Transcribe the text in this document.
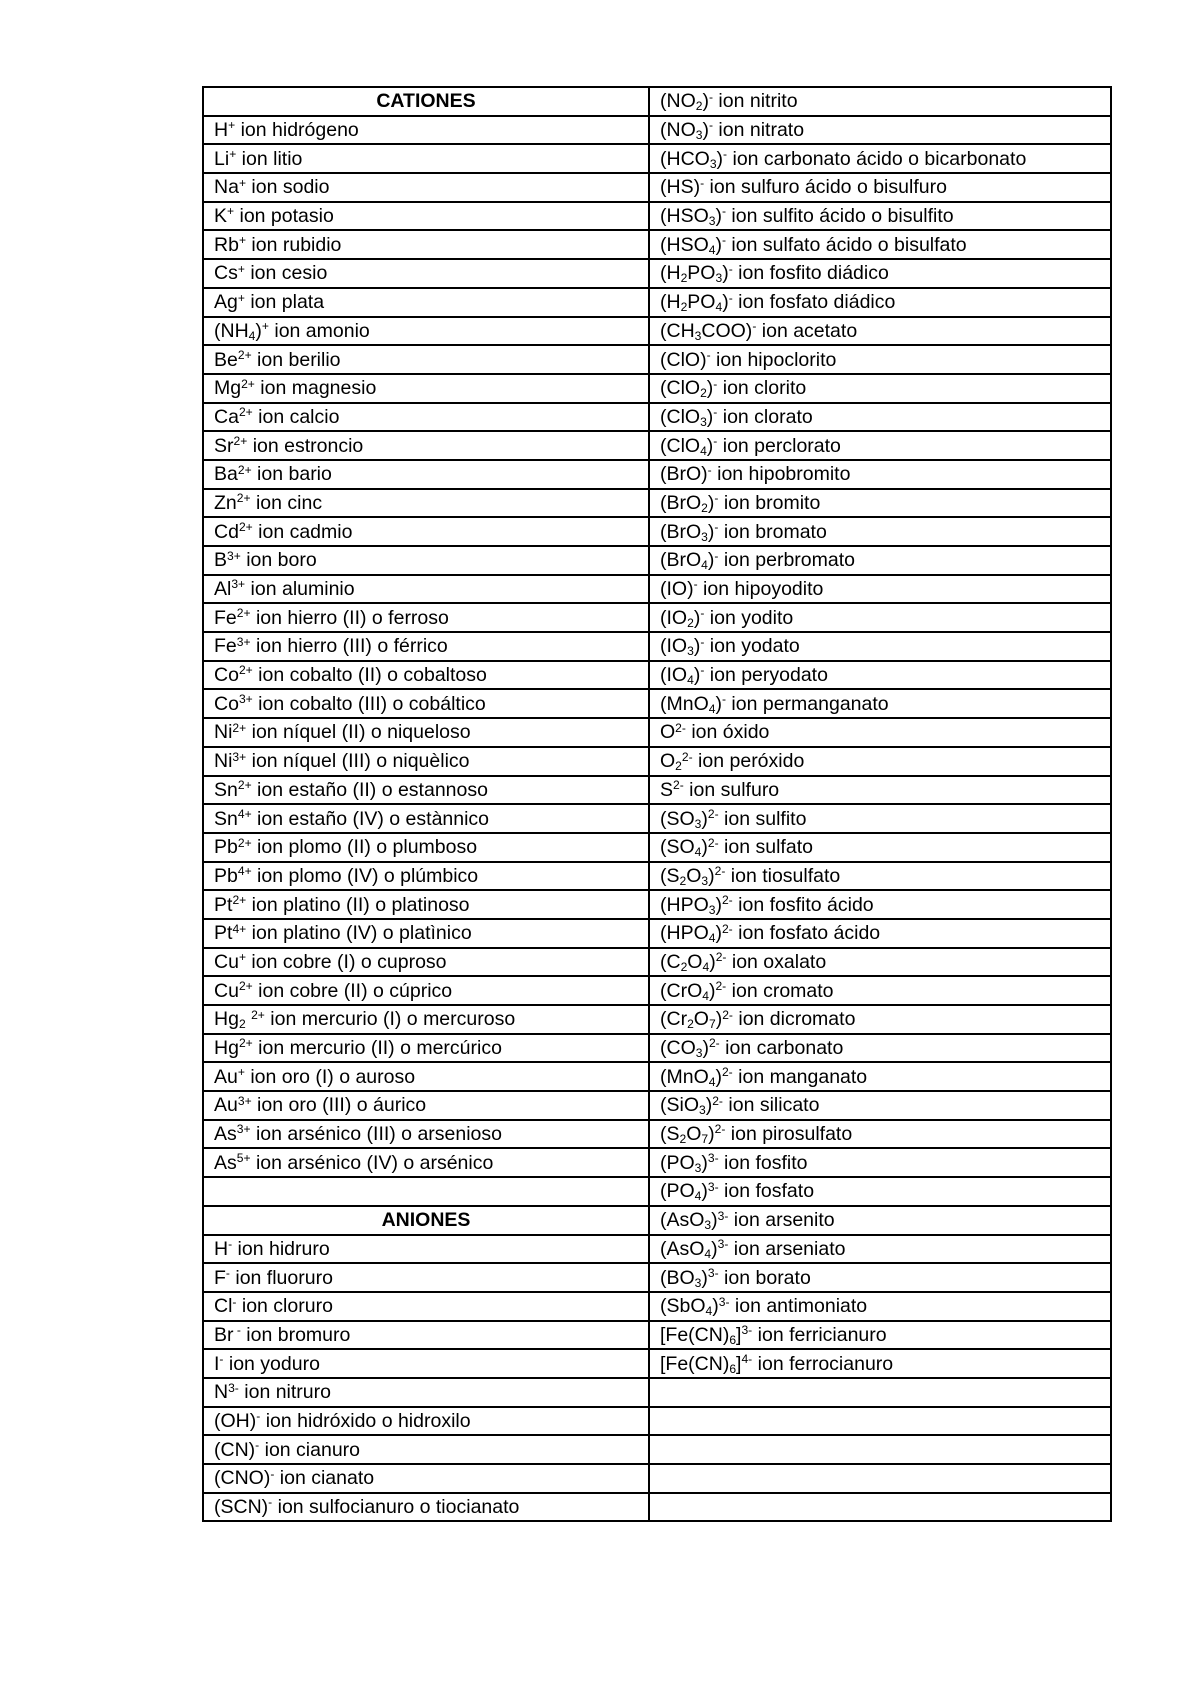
CATIONES	$(NO_2)^-$ ion nitrito
H+ ion hidrógeno	$(NO_3)^-$ ion nitrato
Li+ ion litio	$(HCO_3)^-$ ion carbonato ácido o bicarbonato
Na+ ion sodio	(HS)- ion sulfuro ácido o bisulfuro
K+ ion potasio	$(HSO_3)^-$ ion sulfito ácido o bisulfito
Rb+ ion rubidio	$(HSO_4)^-$ ion sulfato ácido o bisulfato
Cs+ ion cesio	$(H_2PO_3)^-$ ion fosfito diádico
Ag+ ion plata	$(H_2PO_4)^-$ ion fosfato diádico
$(NH_4)^+$ ion amonio	$(CH_3COO)^-$ ion acetato
$Be^{2+}$ ion berilio	(ClO)- ion hipoclorito
$Mg^{2+}$ ion magnesio	(ClO$_2$)- ion clorito
$Ca^{2+}$ ion calcio	(ClO$_3$)- ion clorato
$Sr^{2+}$ ion estroncio	(ClO$_4$)- ion perclorato
$Ba^{2+}$ ion bario	(BrO)- ion hipobromito
$Zn^{2+}$ ion cinc	(BrO$_2$)- ion bromito
$Cd^{2+}$ ion cadmio	(BrO$_3$)- ion bromato
$B^{3+}$ ion boro	(BrO$_4$)- ion perbromato
$Al^{3+}$ ion aluminio	(IO)- ion hipoyodito
$Fe^{2+}$ ion hierro (II) o ferroso	$(IO_2)^-$ ion yodito
$Fe^{3+}$ ion hierro (III) o férrico	$(IO_3)^-$ ion yodato
$Co^{2+}$ ion cobalto (II) o cobaltoso	$(IO_4)^-$ ion peryodato
$Co^{3+}$ ion cobalto (III) o cobáltico	(MnO$_4$)- ion permanganato
$Ni^{2+}$ ion níquel (II) o niqueloso	$O^{2-}$ ion óxido
$Ni^{3+}$ ion níquel (III) o niquèlico	$O_2^{2-}$ ion peróxido
$Sn^{2+}$ ion estaño (II) o estannoso	$S^{2-}$ ion sulfuro
$Sn^{4+}$ ion estaño (IV) o estànnico	$(SO_3)^{2-}$ ion sulfito
$Pb^{2+}$ ion plomo (II) o plumboso	$(SO_4)^{2-}$ ion sulfato
$Pb^{4+}$ ion plomo (IV) o plúmbico	$(S_2O_3)^{2-}$ ion tiosulfato
$Pt^{2+}$ ion platino (II) o platinoso	$(HPO_3)^{2-}$ ion fosfito ácido
$Pt^{4+}$ ion platino (IV) o platìnico	$(HPO_4)^{2-}$ ion fosfato ácido
Cu+ ion cobre (I) o cuproso	$(C_2O_4)^{2-}$ ion oxalato
$Cu^{2+}$ ion cobre (II) o cúprico	$(CrO_4)^{2-}$ ion cromato
$Hg_2$ $^{2+}$ ion mercurio (I) o mercuroso	$(Cr_2O_7)^{2-}$ ion dicromato
$Hg^{2+}$ ion mercurio (II) o mercúrico	$(CO_3)^{2-}$ ion carbonato
Au+ ion oro (I) o auroso	$(MnO_4)^{2-}$ ion manganato
$Au^{3+}$ ion oro (III) o áurico	$(SiO_3)^{2-}$ ion silicato
$As^{3+}$ ion arsénico (III) o arsenioso	$(S_2O_7)^{2-}$ ion pirosulfato
$As^{5+}$ ion arsénico (IV) o arsénico	$(PO_3)^{3-}$ ion fosfito
	$(PO_4)^{3-}$ ion fosfato
ANIONES	$(AsO_3)^{3-}$ ion arsenito
H- ion hidruro	$(AsO_4)^{3-}$ ion arseniato
F- ion fluoruro	$(BO_3)^{3-}$ ion borato
Cl- ion cloruro	$(SbO_4)^{3-}$ ion antimoniato
Br - ion bromuro	$[Fe(CN)_6]^{3-}$ ion ferricianuro
I- ion yoduro	$[Fe(CN)_6]^{4-}$ ion ferrocianuro
$N^{3-}$ ion nitruro	
(OH)- ion hidróxido o hidroxilo	
(CN)- ion cianuro	
(CNO)- ion cianato	
(SCN)- ion sulfocianuro o tiocianato	
